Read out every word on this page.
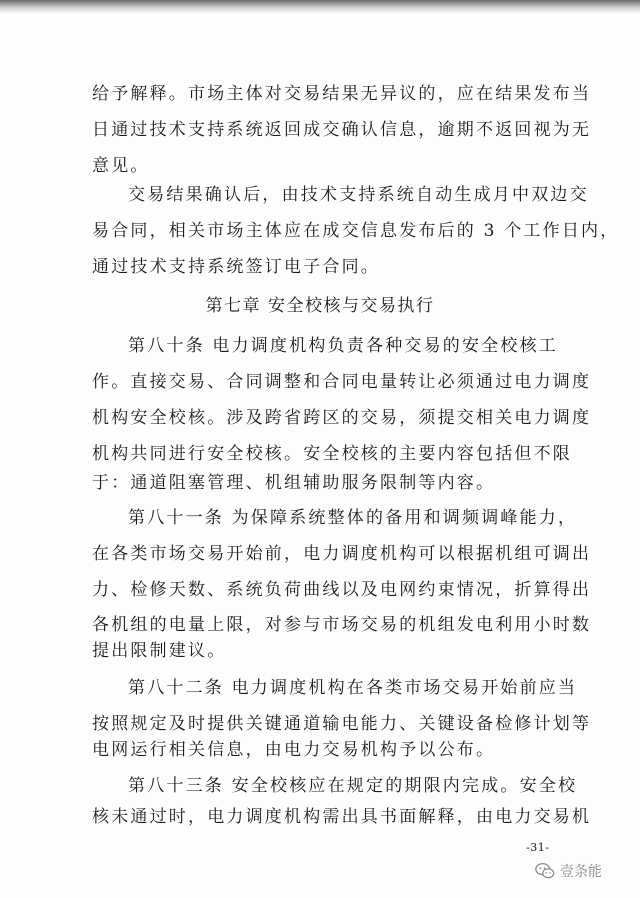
给予解释。市场主体对交易结果无异议的，应在结果发布当
日通过技术支持系统返回成交确认信息，逾期不返回视为无
意见。
交易结果确认后，由技术支持系统自动生成月中双边交
易合同，相关市场主体应在成交信息发布后的 3 个工作日内，
通过技术支持系统签订电子合同。
第七章 安全校核与交易执行
第八十条 电力调度机构负责各种交易的安全校核工
作。直接交易、合同调整和合同电量转让必须通过电力调度
机构安全校核。涉及跨省跨区的交易，须提交相关电力调度
机构共同进行安全校核。安全校核的主要内容包括但不限
于：通道阻塞管理、机组辅助服务限制等内容。
第八十一条 为保障系统整体的备用和调频调峰能力，
在各类市场交易开始前，电力调度机构可以根据机组可调出
力、检修天数、系统负荷曲线以及电网约束情况，折算得出
各机组的电量上限，对参与市场交易的机组发电利用小时数
提出限制建议。
第八十二条 电力调度机构在各类市场交易开始前应当
按照规定及时提供关键通道输电能力、关键设备检修计划等
电网运行相关信息，由电力交易机构予以公布。
第八十三条 安全校核应在规定的期限内完成。安全校
核未通过时，电力调度机构需出具书面解释，由电力交易机
-31-
壹条能
